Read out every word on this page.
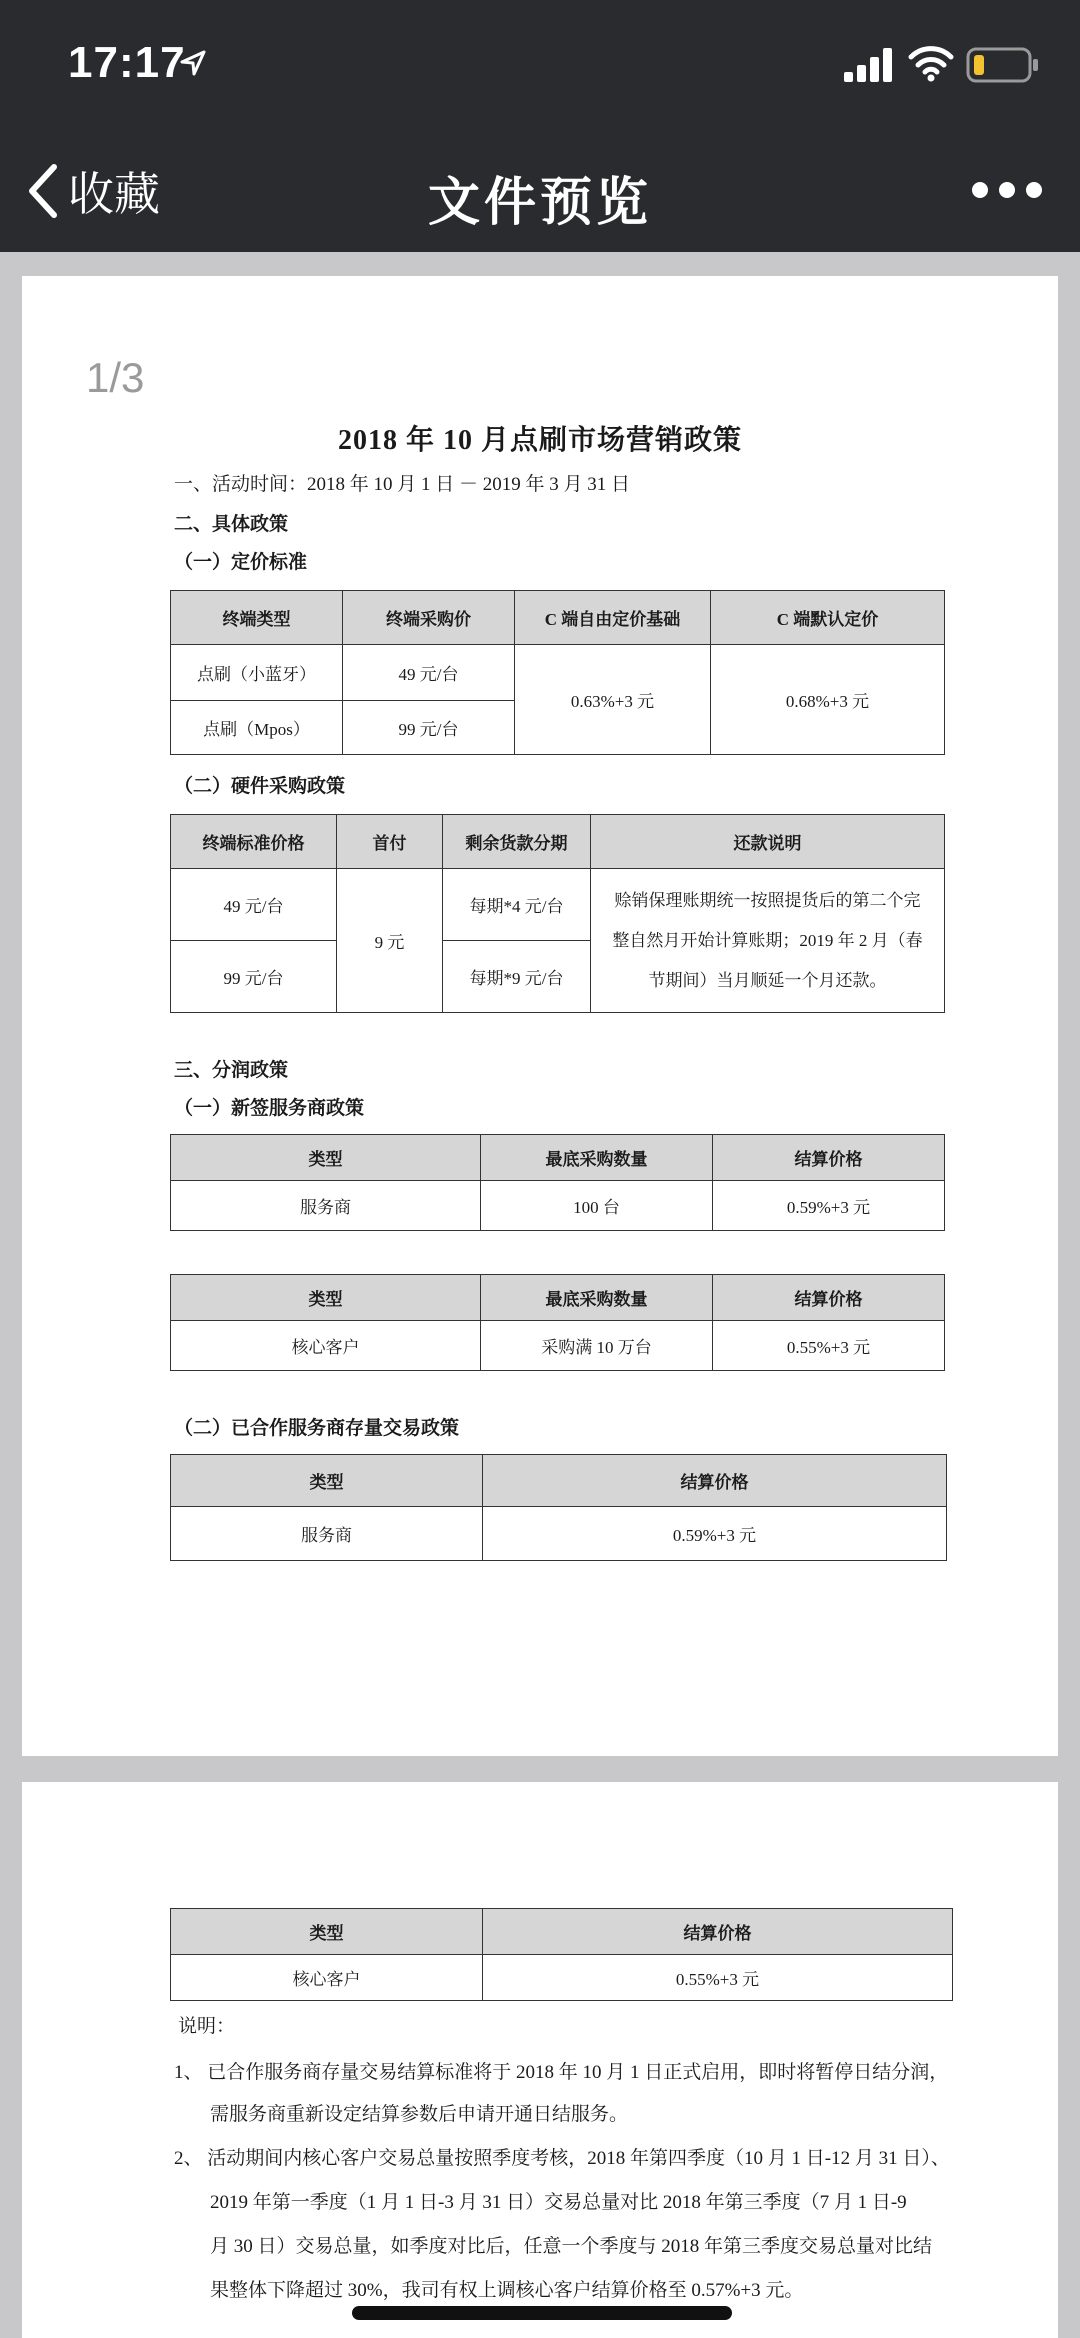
17:17
收藏	文件预览
1/3
2018 年 10 月点刷市场营销政策
一、活动时间：2018 年 10 月 1 日 － 2019 年 3 月 31 日
二、具体政策
（一）定价标准
终端类型	终端采购价	C 端自由定价基础	C 端默认定价
点刷（小蓝牙）	49 元/台	0.63%+3 元	0.68%+3 元
点刷（Mpos）	99 元/台		
（二）硬件采购政策
终端标准价格	首付	剩余货款分期	还款说明
49 元/台	9 元	每期*4 元/台	赊销保理账期统一按照提货后的第二个完
整自然月开始计算账期；2019 年 2 月（春
节期间）当月顺延一个月还款。

99 元/台		每期*9 元/台	
三、分润政策
（一）新签服务商政策
类型	最底采购数量	结算价格
服务商	100 台	0.59%+3 元
类型	最底采购数量	结算价格
核心客户	采购满 10 万台	0.55%+3 元
（二）已合作服务商存量交易政策
类型	结算价格
服务商	0.59%+3 元
类型	结算价格
核心客户	0.55%+3 元
说明：
1、 已合作服务商存量交易结算标准将于 2018 年 10 月 1 日正式启用，即时将暂停日结分润，
需服务商重新设定结算参数后申请开通日结服务。
2、 活动期间内核心客户交易总量按照季度考核，2018 年第四季度（10 月 1 日-12 月 31 日）、
2019 年第一季度（1 月 1 日-3 月 31 日）交易总量对比 2018 年第三季度（7 月 1 日-9
月 30 日）交易总量，如季度对比后，任意一个季度与 2018 年第三季度交易总量对比结
果整体下降超过 30%，我司有权上调核心客户结算价格至 0.57%+3 元。
